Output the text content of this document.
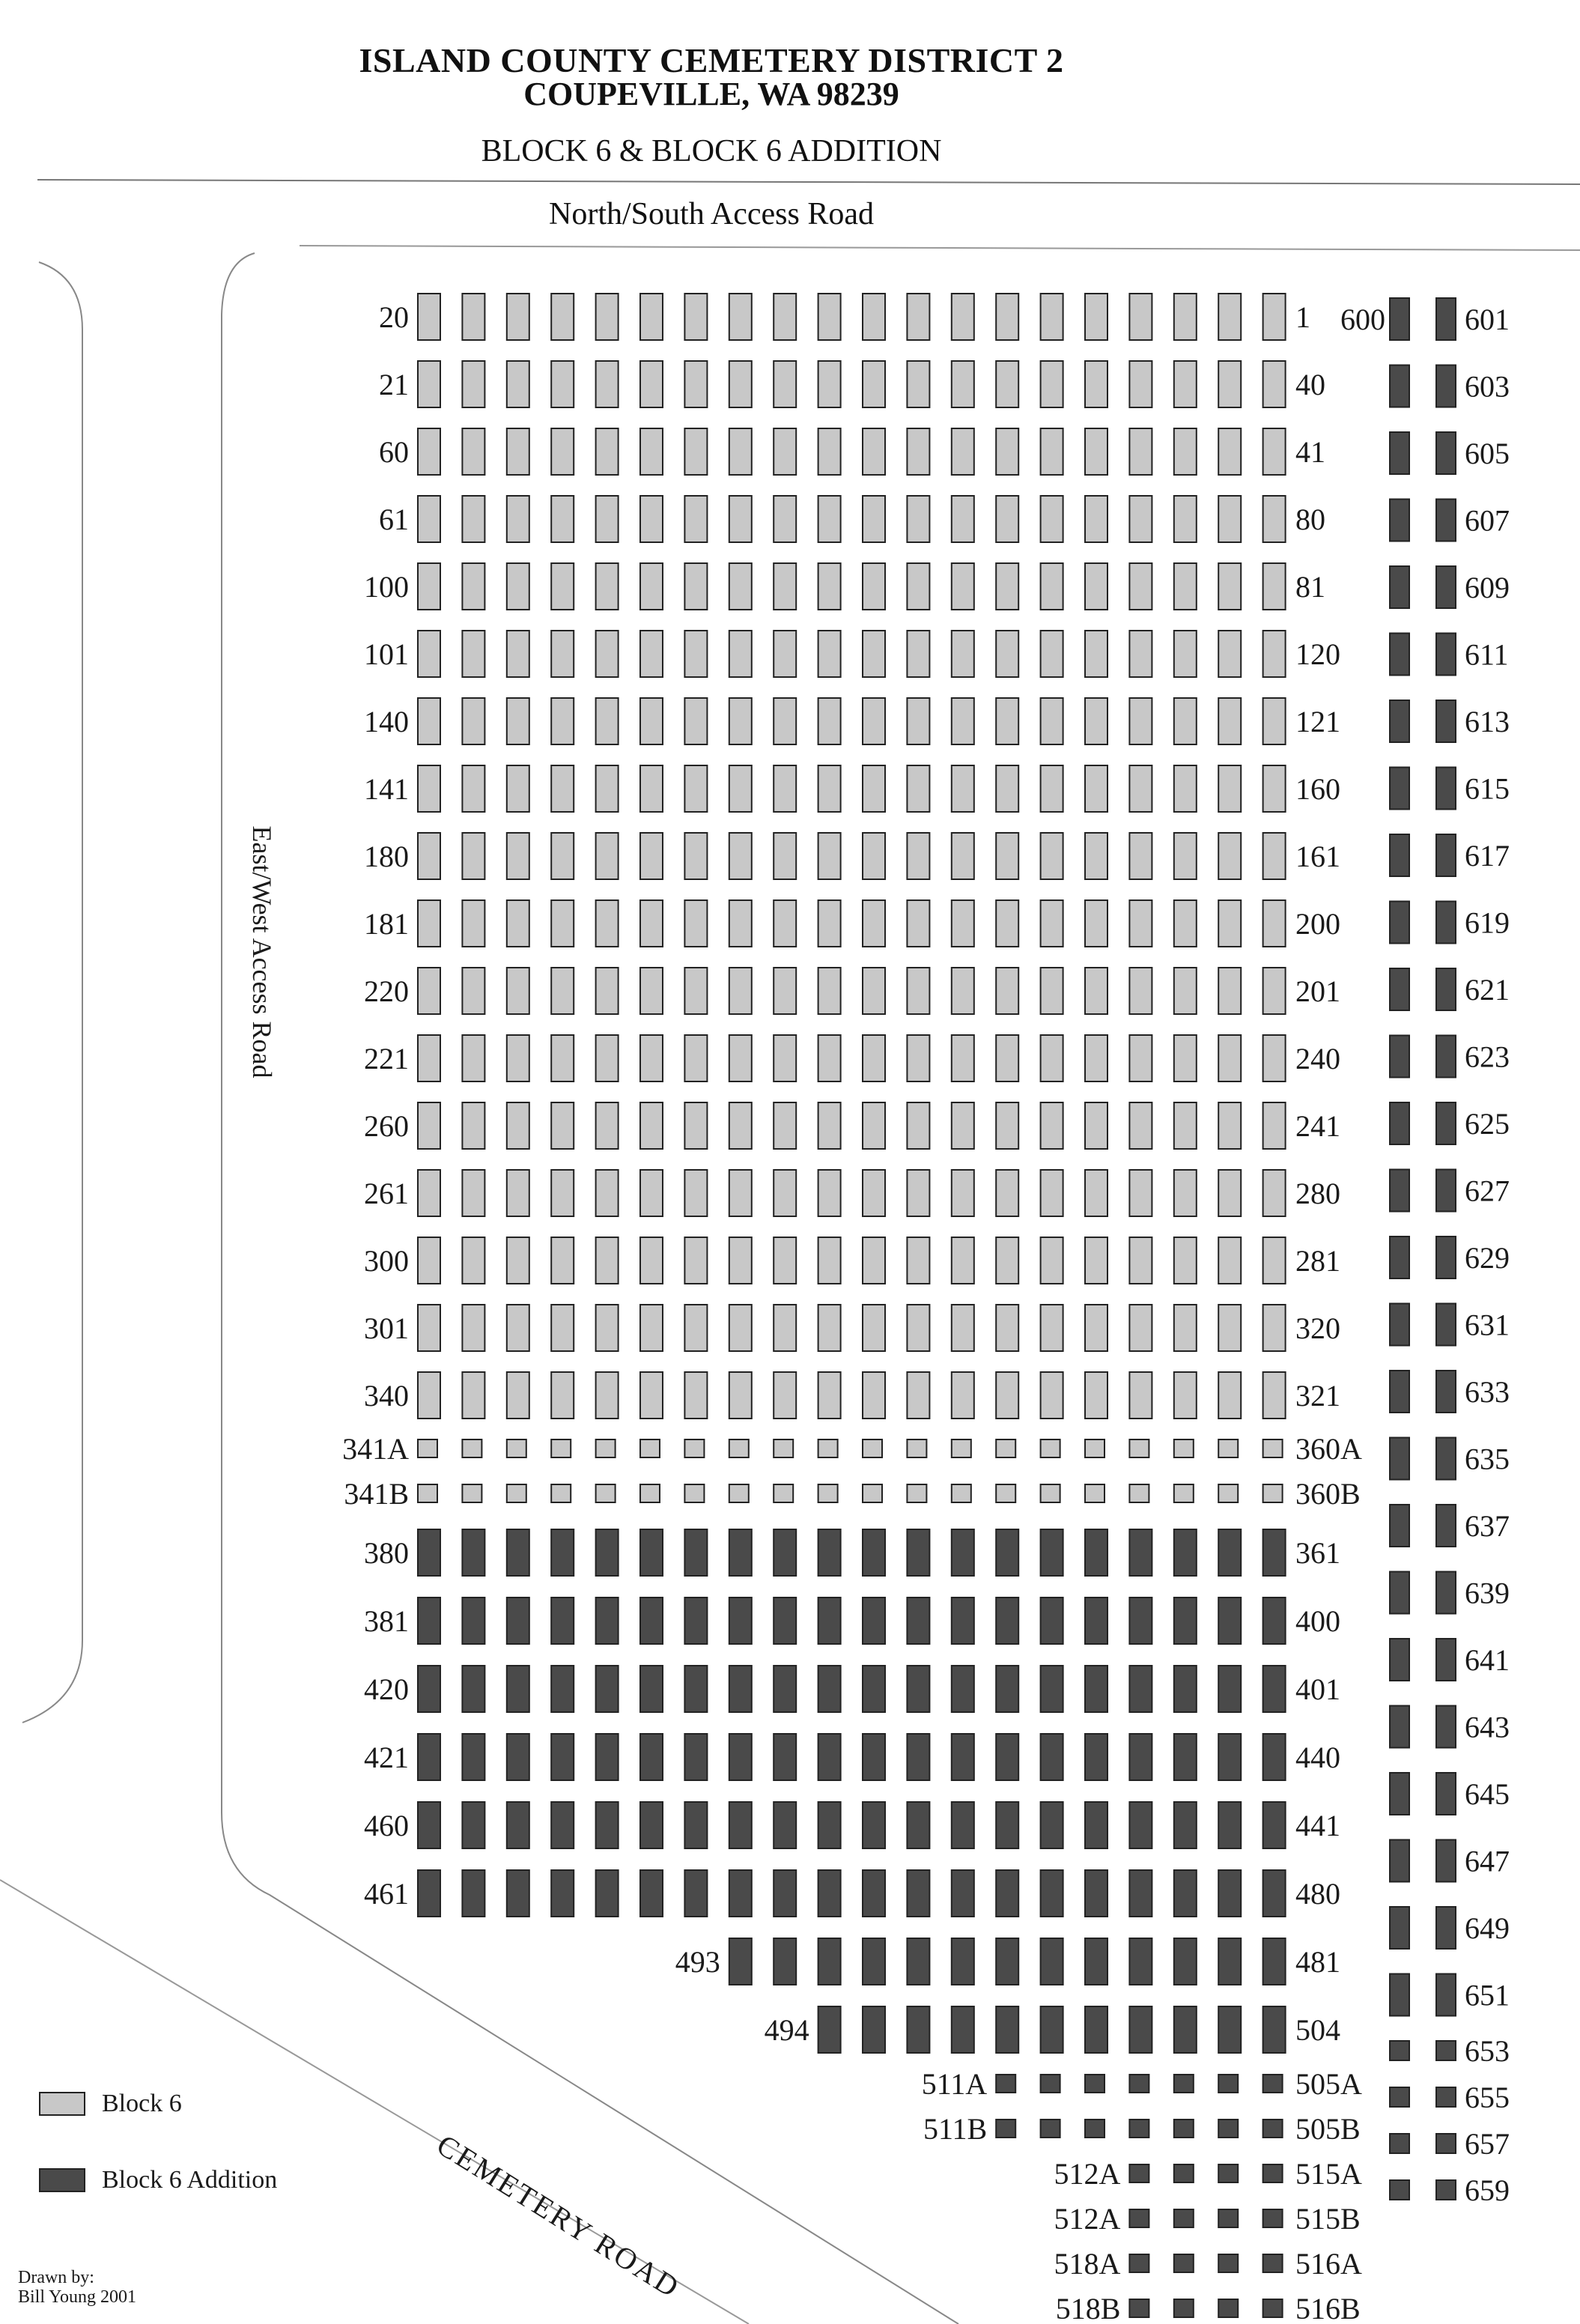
20	1
21	40
60	41
61	80
100	81
101	120
140	121
141	160
180	161
181	200
220	201
221	240
260	241
261	280
300	281
301	320
340	321
341A	360A
341B	360B
380	361
381	400
420	401
421	440
460	441
461	480
493	481
494	504
511A	505A
511B	505B
512A	515A
512A	515B
518A	516A
518B	516B
600	601
603
605
607
609
611
613
615
617
619
621
623
625
627
629
631
633
635
637
639
641
643
645
647
649
651
653
655
657
659
ISLAND COUNTY CEMETERY DISTRICT 2
COUPEVILLE, WA 98239
BLOCK 6 & BLOCK 6 ADDITION
North/South Access Road
East/West Access Road
CEMETERY ROAD
Block 6
Block 6 Addition
Drawn by:
Bill Young 2001
